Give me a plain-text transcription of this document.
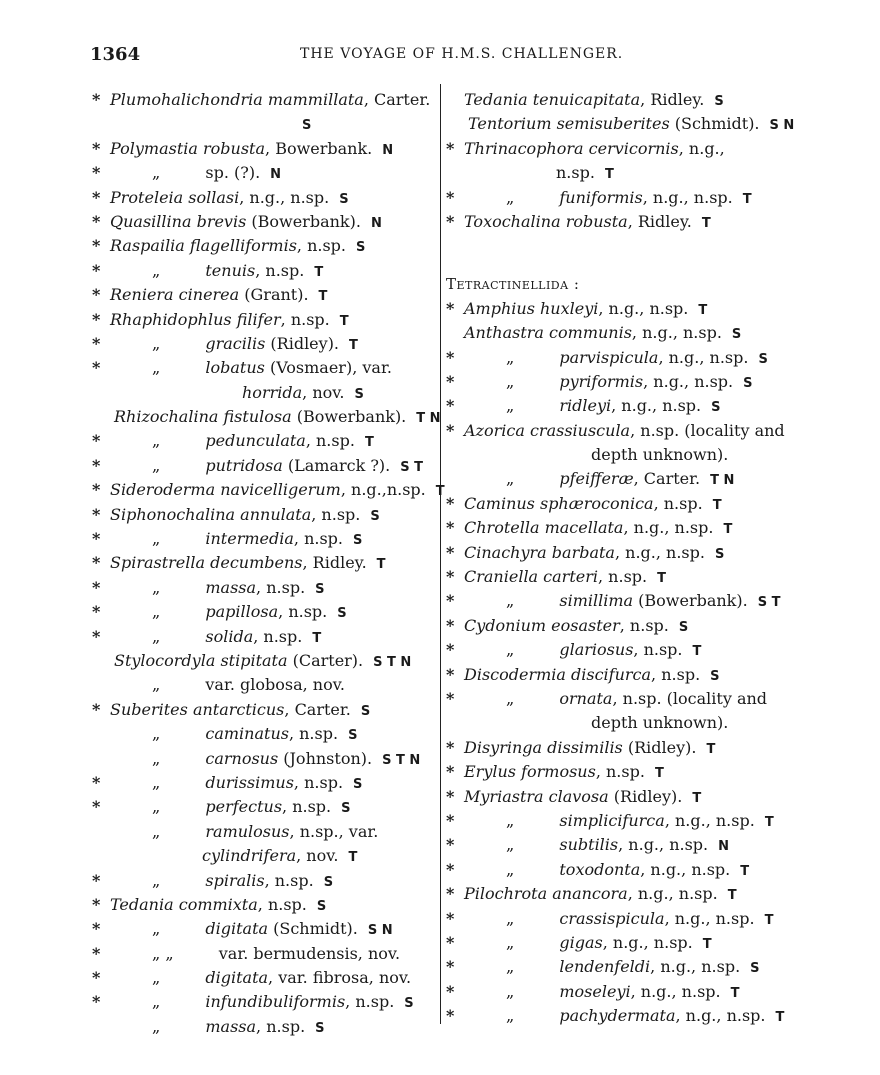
1364	THE VOYAGE OF H.M.S. CHALLENGER.
* Plumohalichondria mammillata, Carter.
S
* Polymastia robusta, Bowerbank. N
*	„	sp. (?). N
* Proteleia sollasi, n.g., n.sp. S
* Quasillina brevis (Bowerbank). N
* Raspailia flagelliformis, n.sp. S
*	„	tenuis, n.sp. T
* Reniera cinerea (Grant). T
* Rhaphidophlus filifer, n.sp. T
*	„	gracilis (Ridley). T
*	„	lobatus (Vosmaer), var.
horrida, nov. S
Rhizochalina fistulosa (Bowerbank). T N
*	„	pedunculata, n.sp. T
*	„	putridosa (Lamarck ?). S T
* Sideroderma navicelligerum, n.g.,n.sp. T
* Siphonochalina annulata, n.sp. S
*	„	intermedia, n.sp. S
* Spirastrella decumbens, Ridley. T
*	„	massa, n.sp. S
*	„	papillosa, n.sp. S
*	„	solida, n.sp. T
Stylocordyla stipitata (Carter). S T N
„	var. globosa, nov.
* Suberites antarcticus, Carter. S
„	caminatus, n.sp. S
„	carnosus (Johnston). S T N
*	„	durissimus, n.sp. S
*	„	perfectus, n.sp. S
„	ramulosus, n.sp., var.
cylindrifera, nov. T
*	„	spiralis, n.sp. S
* Tedania commixta, n.sp. S
*	„	digitata (Schmidt). S N
*	„ „	var. bermudensis, nov.
*	„	digitata, var. fibrosa, nov.
*	„	infundibuliformis, n.sp. S
„	massa, n.sp. S
Tedania tenuicapitata, Ridley. S
Tentorium semisuberites (Schmidt). S N
* Thrinacophora cervicornis, n.g.,
n.sp. T
*	„	funiformis, n.g., n.sp. T
* Toxochalina robusta, Ridley. T
Tetractinellida :
* Amphius huxleyi, n.g., n.sp. T
Anthastra communis, n.g., n.sp. S
*	„	parvispicula, n.g., n.sp. S
*	„	pyriformis, n.g., n.sp. S
*	„	ridleyi, n.g., n.sp. S
* Azorica crassiuscula, n.sp. (locality and
depth unknown).
„	pfeifferæ, Carter. T N
* Caminus sphæroconica, n.sp. T
* Chrotella macellata, n.g., n.sp. T
* Cinachyra barbata, n.g., n.sp. S
* Craniella carteri, n.sp. T
*	„	simillima (Bowerbank). S T
* Cydonium eosaster, n.sp. S
*	„	glariosus, n.sp. T
* Discodermia discifurca, n.sp. S
*	„	ornata, n.sp. (locality and
depth unknown).
* Disyringa dissimilis (Ridley). T
* Erylus formosus, n.sp. T
* Myriastra clavosa (Ridley). T
*	„	simplicifurca, n.g., n.sp. T
*	„	subtilis, n.g., n.sp. N
*	„	toxodonta, n.g., n.sp. T
* Pilochrota anancora, n.g., n.sp. T
*	„	crassispicula, n.g., n.sp. T
*	„	gigas, n.g., n.sp. T
*	„	lendenfeldi, n.g., n.sp. S
*	„	moseleyi, n.g., n.sp. T
*	„	pachydermata, n.g., n.sp. T
